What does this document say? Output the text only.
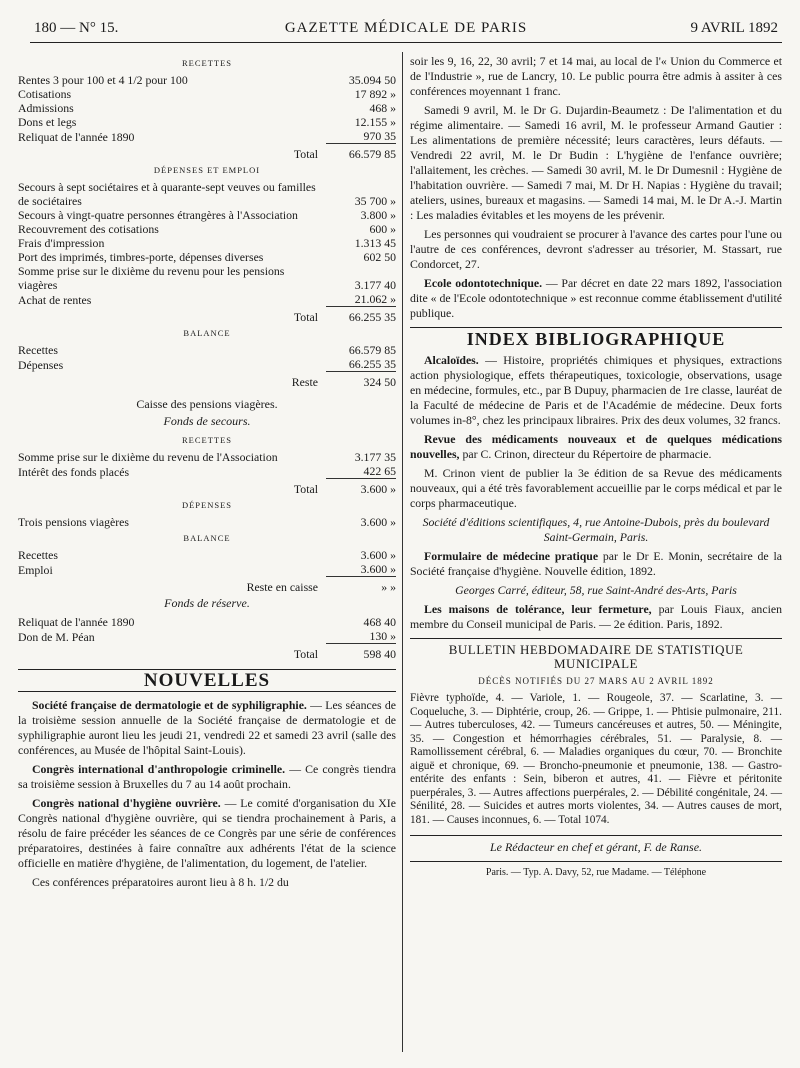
180 — N° 15.	GAZETTE MÉDICALE DE PARIS	9 AVRIL 1892
RECETTES
Rentes 3 pour 100 et 4 1/2 pour 100	35.094 50
Cotisations	17 892 »
Admissions	468 »
Dons et legs	12.155 »
Reliquat de l'année 1890	970 35
Total	66.579 85
DÉPENSES ET EMPLOI
Secours à sept sociétaires et à quarante-sept veuves ou familles de sociétaires	35 700 »
Secours à vingt-quatre personnes étrangères à l'Association	3.800 »
Recouvrement des cotisations	600 »
Frais d'impression	1.313 45
Port des imprimés, timbres-porte, dépenses diverses	602 50
Somme prise sur le dixième du revenu pour les pensions viagères	3.177 40
Achat de rentes	21.062 »
Total	66.255 35
BALANCE
Recettes	66.579 85
Dépenses	66.255 35
Reste	324 50
Caisse des pensions viagères.
Fonds de secours.
RECETTES
Somme prise sur le dixième du revenu de l'Association	3.177 35
Intérêt des fonds placés	422 65
Total	3.600 »
DÉPENSES
Trois pensions viagères	3.600 »
BALANCE
Recettes	3.600 »
Emploi	3.600 »
Reste en caisse	» »
Fonds de réserve.
Reliquat de l'année 1890	468 40
Don de M. Péan	130 »
Total	598 40
NOUVELLES

Société française de dermatologie et de syphiligraphie. — Les séances de la troisième session annuelle de la Société française de dermatologie et de syphiligraphie auront lieu les jeudi 21, vendredi 22 et samedi 23 avril (salle des conférences, au Musée de l'hôpital Saint-Louis).

Congrès international d'anthropologie criminelle. — Ce congrès tiendra sa troisième session à Bruxelles du 7 au 14 août prochain.

Congrès national d'hygiène ouvrière. — Le comité d'organisation du XIe Congrès national d'hygiène ouvrière, qui se tiendra prochainement à Paris, a résolu de faire précéder les séances de ce Congrès par une série de conférences préparatoires, destinées à faire connaître aux adhérents l'état de la science officielle en matière d'hygiène, de l'alimentation, du logement, de l'atelier.

Ces conférences préparatoires auront lieu à 8 h. 1/2 du

soir les 9, 16, 22, 30 avril; 7 et 14 mai, au local de l'« Union du Commerce et de l'Industrie », rue de Lancry, 10. Le public pourra être admis à assiter à ces conférences moyennant 1 franc.

Samedi 9 avril, M. le Dr G. Dujardin-Beaumetz : De l'alimentation et du régime alimentaire. — Samedi 16 avril, M. le professeur Armand Gautier : Les alimentations de première nécessité; leurs caractères, leurs défauts. — Vendredi 22 avril, M. le Dr Budin : L'hygiène de l'enfance ouvrière; l'allaitement, les crèches. — Samedi 30 avril, M. le Dr Dumesnil : Hygiène de l'habitation ouvrière. — Samedi 7 mai, M. Dr H. Napias : Hygiène du travail; ateliers, usines, bureaux et magasins. — Samedi 14 mai, M. le Dr A.-J. Martin : Les maladies évitables et les moyens de les prévenir.

Les personnes qui voudraient se procurer à l'avance des cartes pour l'une ou l'autre de ces conférences, devront s'adresser au trésorier, M. Stassart, rue Condorcet, 27.

Ecole odontotechnique. — Par décret en date 22 mars 1892, l'association dite « de l'Ecole odontotechnique » est reconnue comme établissement d'utilité publique.

INDEX BIBLIOGRAPHIQUE

Alcaloïdes. — Histoire, propriétés chimiques et physiques, extractions action physiologique, effets thérapeutiques, toxicologie, observations, usage en médecine, formules, etc., par B Dupuy, pharmacien de 1re classe, lauréat de la Faculté de médecine de Paris et de l'Académie de médecine. Deux forts volumes in-8°, chez les principaux libraires. Prix des deux volumes, 32 francs.

Revue des médicaments nouveaux et de quelques médications nouvelles, par C. Crinon, directeur du Répertoire de pharmacie.

M. Crinon vient de publier la 3e édition de sa Revue des médicaments nouveaux, qui a été très favorablement accueillie par le corps médical et par le corps pharmaceutique.

Société d'éditions scientifiques, 4, rue Antoine-Dubois, près du boulevard Saint-Germain, Paris.

Formulaire de médecine pratique par le Dr E. Monin, secrétaire de la Société française d'hygiène. Nouvelle édition, 1892.

Georges Carré, éditeur, 58, rue Saint-André des-Arts, Paris

Les maisons de tolérance, leur fermeture, par Louis Fiaux, ancien membre du Conseil municipal de Paris. — 2e édition. Paris, 1892.

BULLETIN HEBDOMADAIRE DE STATISTIQUE
MUNICIPALE
DÉCÈS NOTIFIÉS DU 27 MARS AU 2 AVRIL 1892

Fièvre typhoïde, 4. — Variole, 1. — Rougeole, 37. — Scarlatine, 3. — Coqueluche, 3. — Diphtérie, croup, 26. — Grippe, 1. — Phtisie pulmonaire, 211. — Autres tuberculoses, 42. — Tumeurs cancéreuses et autres, 50. — Méningite, 35. — Congestion et hémorrhagies cérébrales, 51. — Paralysie, 8. — Ramollissement cérébral, 6. — Maladies organiques du cœur, 70. — Bronchite aiguë et chronique, 69. — Broncho-pneumonie et pneumonie, 138. — Gastro-entérite des enfants : Sein, biberon et autres, 41. — Fièvre et péritonite puerpérales, 3. — Autres affections puerpérales, 2. — Débilité congénitale, 24. — Sénilité, 28. — Suicides et autres morts violentes, 34. — Autres causes de mort, 181. — Causes inconnues, 6. — Total 1074.

Le Rédacteur en chef et gérant, F. de Ranse.
Paris. — Typ. A. Davy, 52, rue Madame. — Téléphone
